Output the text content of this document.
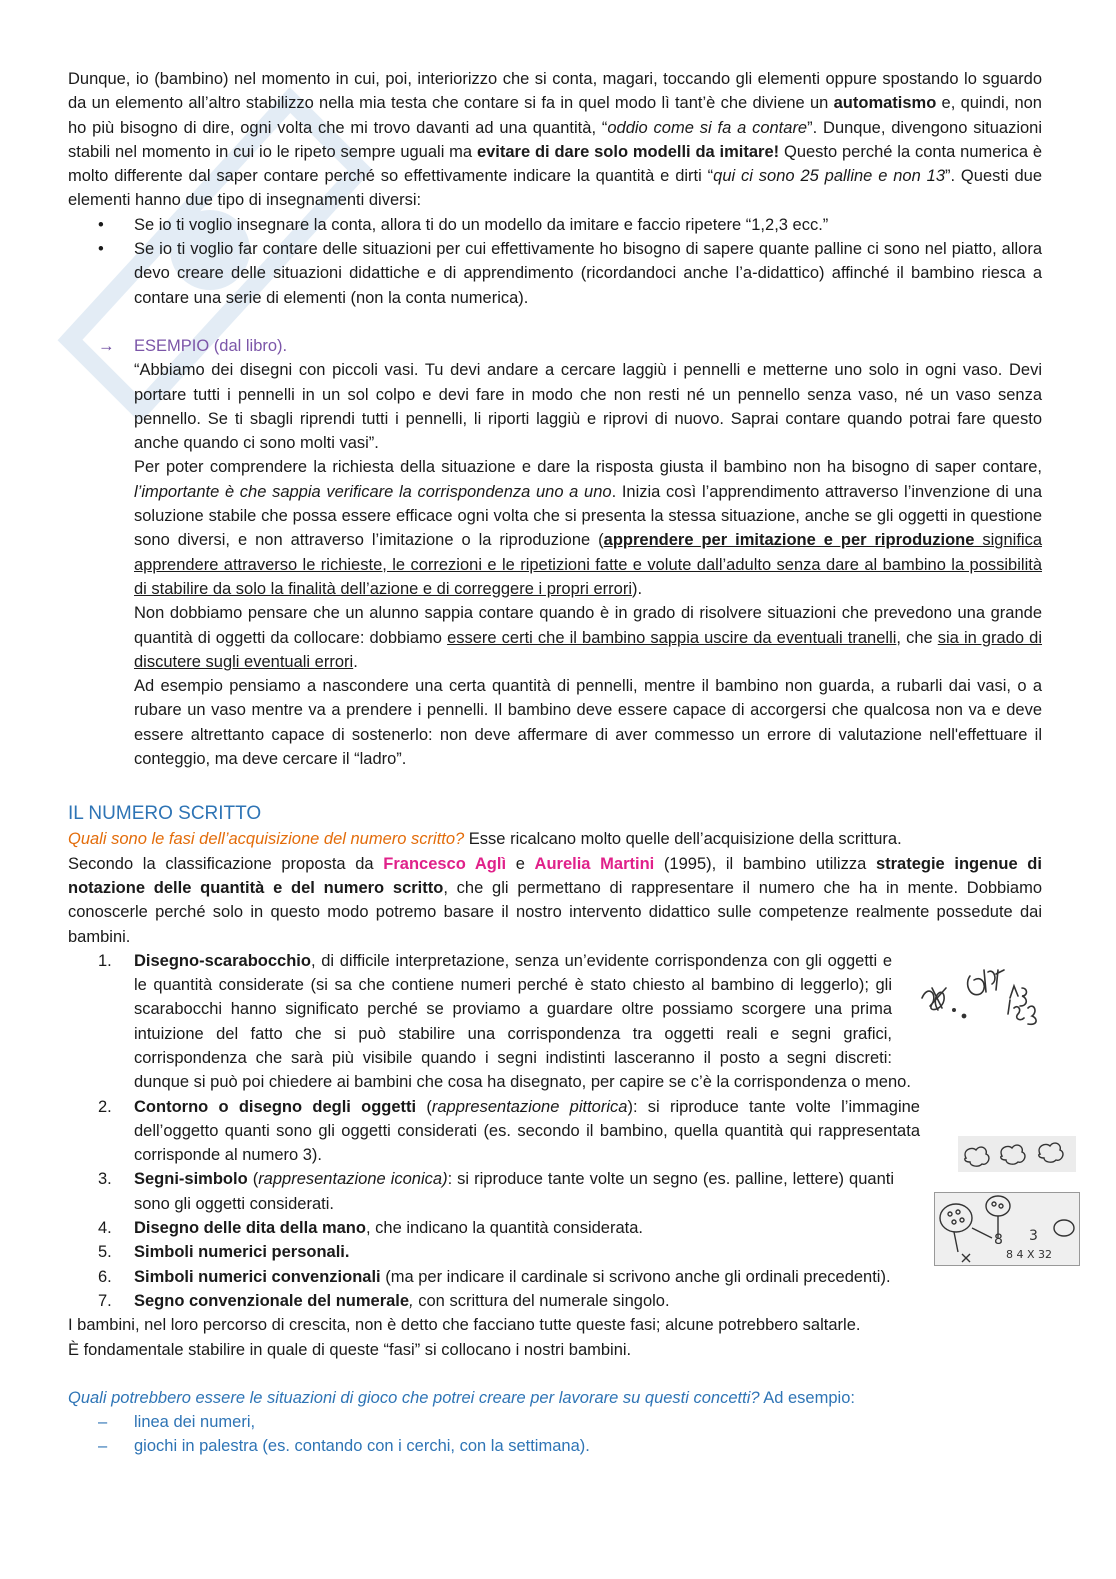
Dunque, io (bambino) nel momento in cui, poi, interiorizzo che si conta, magari, toccando gli elementi oppure spostando lo sguardo da un elemento all’altro stabilizzo nella mia testa che contare si fa in quel modo lì tant’è che diviene un automatismo e, quindi, non ho più bisogno di dire, ogni volta che mi trovo davanti ad una quantità, “oddio come si fa a contare”. Dunque, divengono situazioni stabili nel momento in cui io le ripeto sempre uguali ma evitare di dare solo modelli da imitare! Questo perché la conta numerica è molto differente dal saper contare perché so effettivamente indicare la quantità e dirti “qui ci sono 25 palline e non 13”. Questi due elementi hanno due tipo di insegnamenti diversi:

• Se io ti voglio insegnare la conta, allora ti do un modello da imitare e faccio ripetere “1,2,3 ecc.”
• Se io ti voglio far contare delle situazioni per cui effettivamente ho bisogno di sapere quante palline ci sono nel piatto, allora devo creare delle situazioni didattiche e di apprendimento (ricordandoci anche l’a-didattico) affinché il bambino riesca a contare una serie di elementi (non la conta numerica).
→ ESEMPIO (dal libro).

“Abbiamo dei disegni con piccoli vasi. Tu devi andare a cercare laggiù i pennelli e metterne uno solo in ogni vaso. Devi portare tutti i pennelli in un sol colpo e devi fare in modo che non resti né un pennello senza vaso, né un vaso senza pennello. Se ti sbagli riprendi tutti i pennelli, li riporti laggiù e riprovi di nuovo. Saprai contare quando potrai fare questo anche quando ci sono molti vasi”.

Per poter comprendere la richiesta della situazione e dare la risposta giusta il bambino non ha bisogno di saper contare, l’importante è che sappia verificare la corrispondenza uno a uno. Inizia così l’apprendimento attraverso l’invenzione di una soluzione stabile che possa essere efficace ogni volta che si presenta la stessa situazione, anche se gli oggetti in questione sono diversi, e non attraverso l’imitazione o la riproduzione (apprendere per imitazione e per riproduzione significa apprendere attraverso le richieste, le correzioni e le ripetizioni fatte e volute dall’adulto senza dare al bambino la possibilità di stabilire da solo la finalità dell’azione e di correggere i propri errori).

Non dobbiamo pensare che un alunno sappia contare quando è in grado di risolvere situazioni che prevedono una grande quantità di oggetti da collocare: dobbiamo essere certi che il bambino sappia uscire da eventuali tranelli, che sia in grado di discutere sugli eventuali errori.

Ad esempio pensiamo a nascondere una certa quantità di pennelli, mentre il bambino non guarda, a rubarli dai vasi, o a rubare un vaso mentre va a prendere i pennelli. Il bambino deve essere capace di accorgersi che qualcosa non va e deve essere altrettanto capace di sostenerlo: non deve affermare di aver commesso un errore di valutazione nell'effettuare il conteggio, ma deve cercare il “ladro”.

IL NUMERO SCRITTO

Quali sono le fasi dell’acquisizione del numero scritto? Esse ricalcano molto quelle dell’acquisizione della scrittura.

Secondo la classificazione proposta da Francesco Aglì e Aurelia Martini (1995), il bambino utilizza strategie ingenue di notazione delle quantità e del numero scritto, che gli permettano di rappresentare il numero che ha in mente. Dobbiamo conoscerle perché solo in questo modo potremo basare il nostro intervento didattico sulle competenze realmente possedute dai bambini.

1. Disegno-scarabocchio, di difficile interpretazione, senza un’evidente corrispondenza con gli oggetti e le quantità considerate (si sa che contiene numeri perché è stato chiesto al bambino di leggerlo); gli scarabocchi hanno significato perché se proviamo a guardare oltre possiamo scorgere una prima intuizione del fatto che si può stabilire una corrispondenza tra oggetti reali e segni grafici, corrispondenza che sarà più visibile quando i segni indistinti lasceranno il posto a segni discreti: dunque si può poi chiedere ai bambini che cosa ha disegnato, per capire se c’è la corrispondenza o meno.
2. Contorno o disegno degli oggetti (rappresentazione pittorica): si riproduce tante volte l’immagine dell’oggetto quanti sono gli oggetti considerati (es. secondo il bambino, quella quantità qui rappresentata corrisponde al numero 3).
3. Segni-simbolo (rappresentazione iconica): si riproduce tante volte un segno (es. palline, lettere) quanti sono gli oggetti considerati.
4. Disegno delle dita della mano, che indicano la quantità considerata.
5. Simboli numerici personali.
6. Simboli numerici convenzionali (ma per indicare il cardinale si scrivono anche gli ordinali precedenti).
7. Segno convenzionale del numerale, con scrittura del numerale singolo.

I bambini, nel loro percorso di crescita, non è detto che facciano tutte queste fasi; alcune potrebbero saltarle.

È fondamentale stabilire in quale di queste “fasi” si collocano i nostri bambini.

Quali potrebbero essere le situazioni di gioco che potrei creare per lavorare su questi concetti? Ad esempio:

– linea dei numeri,
– giochi in palestra (es. contando con i cerchi, con la settimana).
8 3
8 4 X 32
